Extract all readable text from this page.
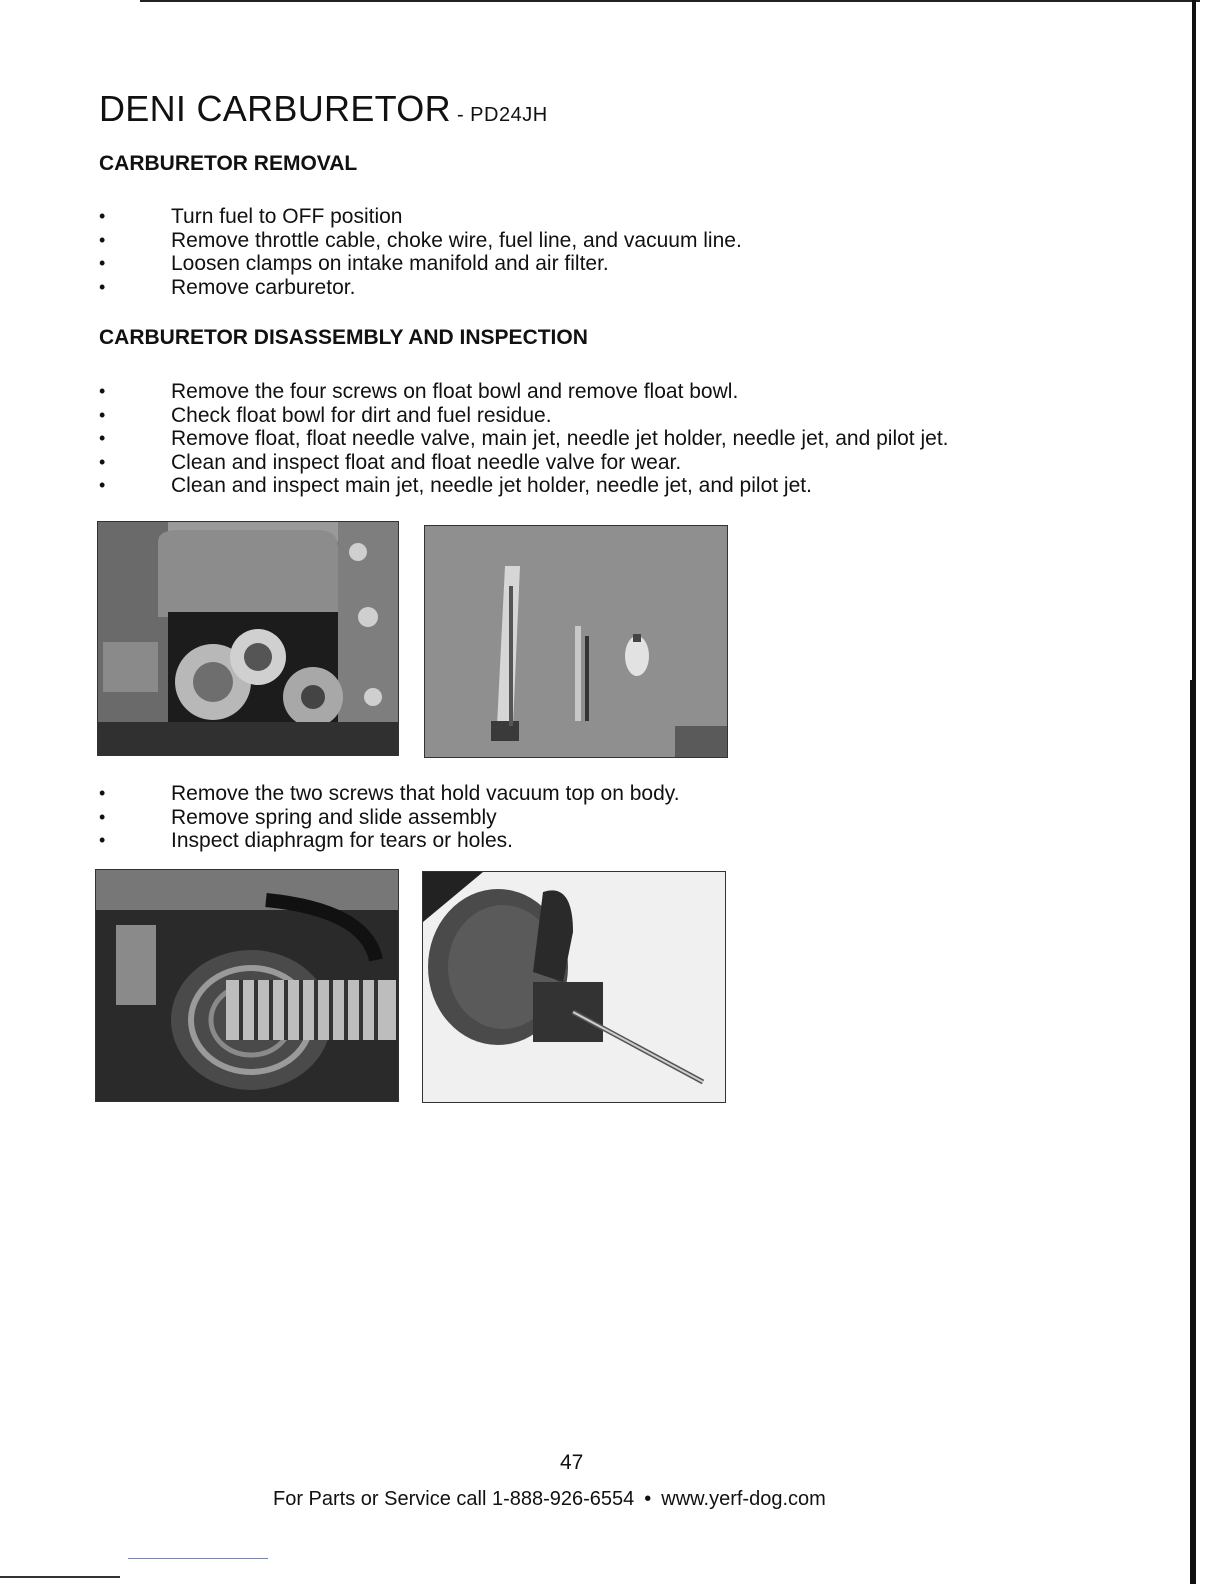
DENI CARBURETOR - PD24JH
CARBURETOR REMOVAL
• Turn fuel to OFF position
• Remove throttle cable, choke wire, fuel line, and vacuum line.
• Loosen clamps on intake manifold and air filter.
• Remove carburetor.
CARBURETOR DISASSEMBLY AND INSPECTION
• Remove the four screws on float bowl and remove float bowl.
• Check float bowl for dirt and fuel residue.
• Remove float, float needle valve, main jet, needle jet holder, needle jet, and pilot jet.
• Clean and inspect float and float needle valve for wear.
• Clean and inspect main jet, needle jet holder, needle jet, and pilot jet.
• Remove the two screws that hold vacuum top on body.
• Remove spring and slide assembly
• Inspect diaphragm for tears or holes.
47
For Parts or Service call 1-888-926-6554 • www.yerf-dog.com
